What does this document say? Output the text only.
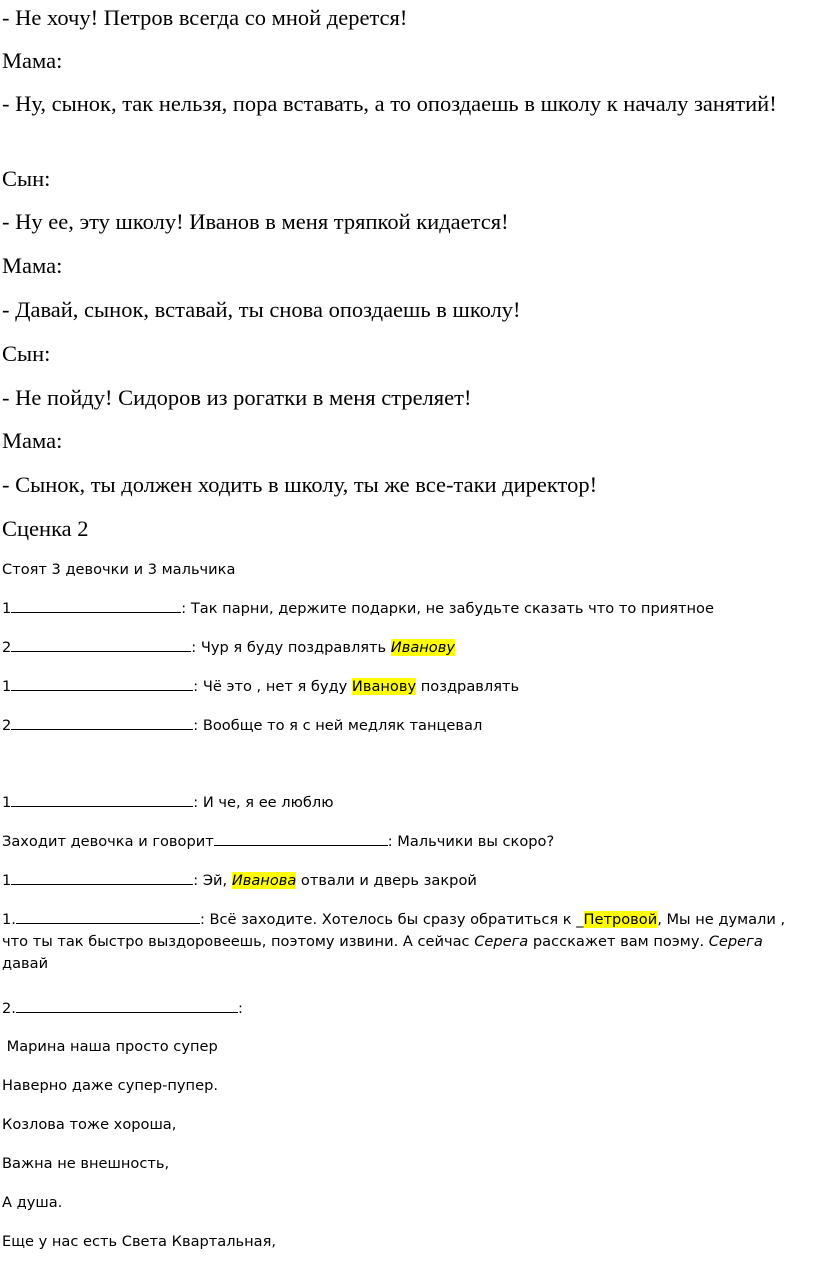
- Не хочу! Петров всегда со мной дерется!
Мама:
- Ну, сынок, так нельзя, пора вставать, а то опоздаешь в школу к началу занятий!
Сын:
- Ну ее, эту школу! Иванов в меня тряпкой кидается!
Мама:
- Давай, сынок, вставай, ты снова опоздаешь в школу!
Сын:
- Не пойду! Сидоров из рогатки в меня стреляет!
Мама:
- Сынок, ты должен ходить в школу, ты же все-таки директор!
Сценка 2
Стоят 3 девочки и 3 мальчика
1	: Так парни, держите подарки, не забудьте сказать что то приятное
2	: Чур я буду поздравлять Иванову
1	: Чё это , нет я буду Иванову поздравлять
2	: Вообще то я с ней медляк танцевал
1	: И че, я ее люблю
Заходит девочка и говорит	: Мальчики вы скоро?
1	: Эй, Иванова отвали и дверь закрой
1.	: Всё заходите. Хотелось бы сразу обратиться к _Петровой, Мы не думали , что ты так быстро выздоровеешь, поэтому извини. А сейчас Серега расскажет вам поэму. Серега давай
2.	:
Марина наша просто супер
Наверно даже супер-пупер.
Козлова тоже хороша,
Важна не внешность,
А душа.
Еще у нас есть Света Квартальная,
